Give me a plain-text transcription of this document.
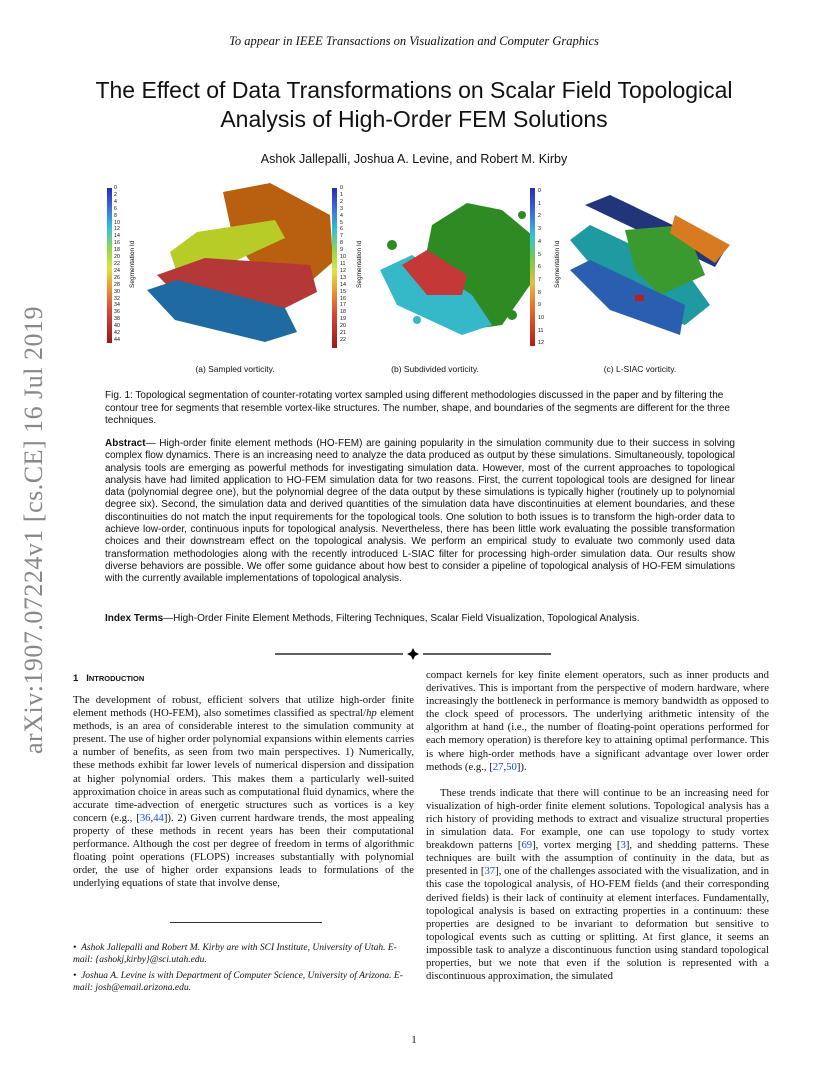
To appear in IEEE Transactions on Visualization and Computer Graphics
The Effect of Data Transformations on Scalar Field Topological
Analysis of High-Order FEM Solutions
Ashok Jallepalli, Joshua A. Levine, and Robert M. Kirby
arXiv:1907.07224v1 [cs.CE] 16 Jul 2019
0
2
4
6
8
10
12
14
16
18
20
22
24
26
28
30
32
34
36
38
40
42
44
Segmentation Id
(a) Sampled vorticity.
0
1
2
3
4
5
6
7
8
9
10
11
12
13
14
15
16
17
18
19
20
21
22
Segmentation Id
(b) Subdivided vorticity.
0
1
2
3
4
5
6
7
8
9
10
11
12
Segmentation Id
(c) L-SIAC vorticity.
Fig. 1: Topological segmentation of counter-rotating vortex sampled using different methodologies discussed in the paper and by filtering the contour tree for segments that resemble vortex-like structures. The number, shape, and boundaries of the segments are different for the three techniques.
Abstract— High-order finite element methods (HO-FEM) are gaining popularity in the simulation community due to their success in solving complex flow dynamics. There is an increasing need to analyze the data produced as output by these simulations. Simultaneously, topological analysis tools are emerging as powerful methods for investigating simulation data. However, most of the current approaches to topological analysis have had limited application to HO-FEM simulation data for two reasons. First, the current topological tools are designed for linear data (polynomial degree one), but the polynomial degree of the data output by these simulations is typically higher (routinely up to polynomial degree six). Second, the simulation data and derived quantities of the simulation data have discontinuities at element boundaries, and these discontinuities do not match the input requirements for the topological tools. One solution to both issues is to transform the high-order data to achieve low-order, continuous inputs for topological analysis. Nevertheless, there has been little work evaluating the possible transformation choices and their downstream effect on the topological analysis. We perform an empirical study to evaluate two commonly used data transformation methodologies along with the recently introduced L-SIAC filter for processing high-order simulation data. Our results show diverse behaviors are possible. We offer some guidance about how best to consider a pipeline of topological analysis of HO-FEM simulations with the currently available implementations of topological analysis.
Index Terms—High-Order Finite Element Methods, Filtering Techniques, Scalar Field Visualization, Topological Analysis.
1 INTRODUCTION
The development of robust, efficient solvers that utilize high-order finite element methods (HO-FEM), also sometimes classified as spectral/hp element methods, is an area of considerable interest to the simulation community at present. The use of higher order polynomial expansions within elements carries a number of benefits, as seen from two main perspectives. 1) Numerically, these methods exhibit far lower levels of numerical dispersion and dissipation at higher polynomial orders. This makes them a particularly well-suited approximation choice in areas such as computational fluid dynamics, where the accurate time-advection of energetic structures such as vortices is a key concern (e.g., [36,44]). 2) Given current hardware trends, the most appealing property of these methods in recent years has been their computational performance. Although the cost per degree of freedom in terms of algorithmic floating point operations (FLOPS) increases substantially with polynomial order, the use of higher order expansions leads to formulations of the underlying equations of state that involve dense,
•  Ashok Jallepalli and Robert M. Kirby are with SCI Institute, University of Utah. E-mail: {ashokj,kirby}@sci.utah.edu.
•  Joshua A. Levine is with Department of Computer Science, University of Arizona. E-mail: josh@email.arizona.edu.
compact kernels for key finite element operators, such as inner products and derivatives. This is important from the perspective of modern hardware, where increasingly the bottleneck in performance is memory bandwidth as opposed to the clock speed of processors. The underlying arithmetic intensity of the algorithm at hand (i.e., the number of floating-point operations performed for each memory operation) is therefore key to attaining optimal performance. This is where high-order methods have a significant advantage over lower order methods (e.g., [27,50]).
These trends indicate that there will continue to be an increasing need for visualization of high-order finite element solutions. Topological analysis has a rich history of providing methods to extract and visualize structural properties in simulation data. For example, one can use topology to study vortex breakdown patterns [69], vortex merging [3], and shedding patterns. These techniques are built with the assumption of continuity in the data, but as presented in [37], one of the challenges associated with the visualization, and in this case the topological analysis, of HO-FEM fields (and their corresponding derived fields) is their lack of continuity at element interfaces. Fundamentally, topological analysis is based on extracting properties in a continuum: these properties are designed to be invariant to deformation but sensitive to topological events such as cutting or splitting. At first glance, it seems an impossible task to analyze a discontinuous function using standard topological properties, but we note that even if the solution is represented with a discontinuous approximation, the simulated
1
